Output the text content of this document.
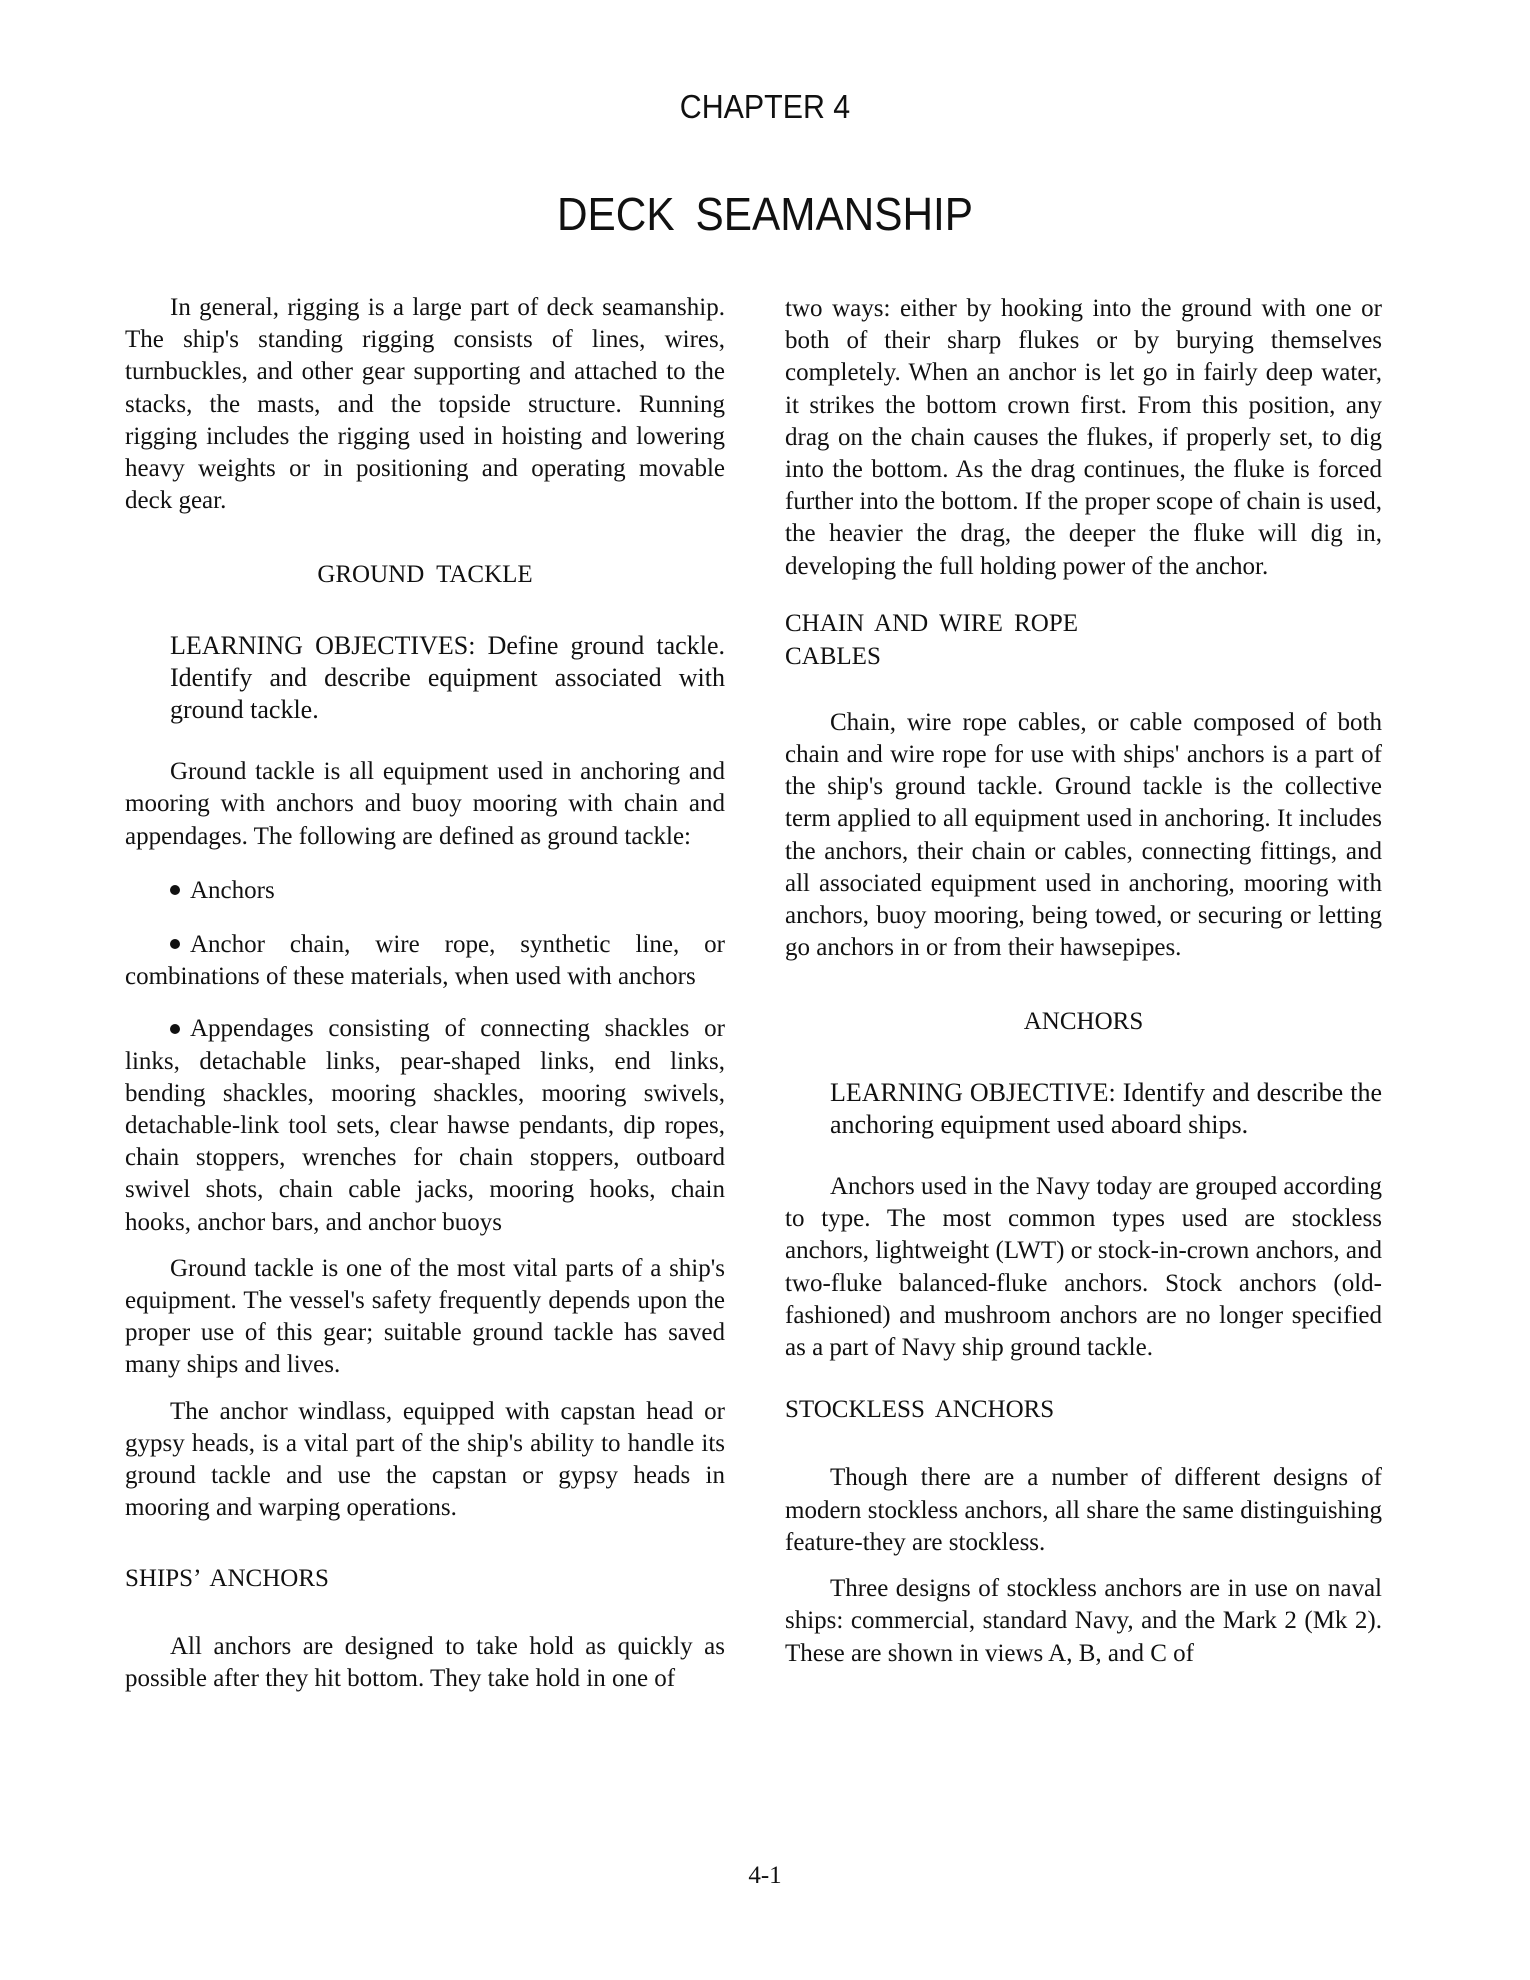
CHAPTER 4
DECK SEAMANSHIP

In general, rigging is a large part of deck seamanship. The ship's standing rigging consists of lines, wires, turnbuckles, and other gear supporting and attached to the stacks, the masts, and the topside structure. Running rigging includes the rigging used in hoisting and lowering heavy weights or in positioning and operating movable deck gear.

GROUND TACKLE

LEARNING OBJECTIVES: Define ground tackle. Identify and describe equipment associated with ground tackle.

Ground tackle is all equipment used in anchoring and mooring with anchors and buoy mooring with chain and appendages. The following are defined as ground tackle:

Anchors

Anchor chain, wire rope, synthetic line, or combinations of these materials, when used with anchors

Appendages consisting of connecting shackles or links, detachable links, pear-shaped links, end links, bending shackles, mooring shackles, mooring swivels, detachable-link tool sets, clear hawse pendants, dip ropes, chain stoppers, wrenches for chain stoppers, outboard swivel shots, chain cable jacks, mooring hooks, chain hooks, anchor bars, and anchor buoys

Ground tackle is one of the most vital parts of a ship's equipment. The vessel's safety frequently depends upon the proper use of this gear; suitable ground tackle has saved many ships and lives.

The anchor windlass, equipped with capstan head or gypsy heads, is a vital part of the ship's ability to handle its ground tackle and use the capstan or gypsy heads in mooring and warping operations.

SHIPS’ ANCHORS

All anchors are designed to take hold as quickly as possible after they hit bottom. They take hold in one of

two ways: either by hooking into the ground with one or both of their sharp flukes or by burying themselves completely. When an anchor is let go in fairly deep water, it strikes the bottom crown first. From this position, any drag on the chain causes the flukes, if properly set, to dig into the bottom. As the drag continues, the fluke is forced further into the bottom. If the proper scope of chain is used, the heavier the drag, the deeper the fluke will dig in, developing the full holding power of the anchor.

CHAIN AND WIRE ROPE
CABLES

Chain, wire rope cables, or cable composed of both chain and wire rope for use with ships' anchors is a part of the ship's ground tackle. Ground tackle is the collective term applied to all equipment used in anchoring. It includes the anchors, their chain or cables, connecting fittings, and all associated equipment used in anchoring, mooring with anchors, buoy mooring, being towed, or securing or letting go anchors in or from their hawsepipes.

ANCHORS

LEARNING OBJECTIVE: Identify and describe the anchoring equipment used aboard ships.

Anchors used in the Navy today are grouped according to type. The most common types used are stockless anchors, lightweight (LWT) or stock-in-crown anchors, and two-fluke balanced-fluke anchors. Stock anchors (old-fashioned) and mushroom anchors are no longer specified as a part of Navy ship ground tackle.

STOCKLESS ANCHORS

Though there are a number of different designs of modern stockless anchors, all share the same distinguishing feature-they are stockless.

Three designs of stockless anchors are in use on naval ships: commercial, standard Navy, and the Mark 2 (Mk 2). These are shown in views A, B, and C of

4-1
